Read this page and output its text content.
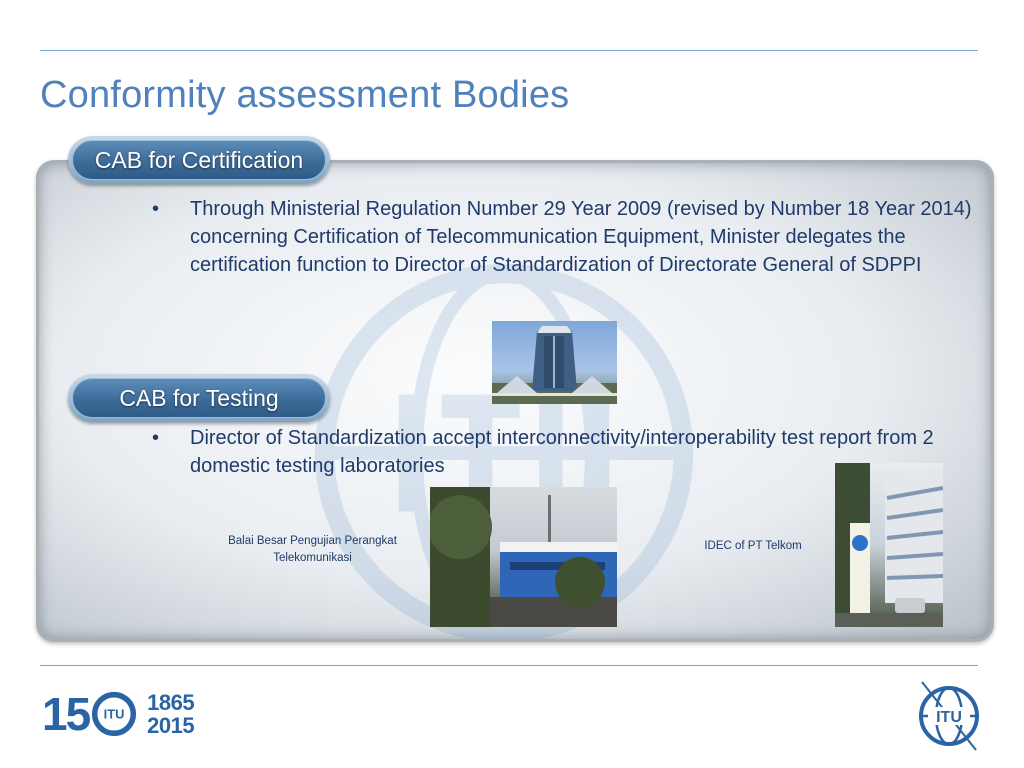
Conformity assessment Bodies
CAB for Certification
• Through Ministerial Regulation Number 29 Year 2009 (revised by Number 18 Year 2014) concerning Certification of Telecommunication Equipment, Minister delegates the certification function to Director of Standardization of Directorate General of SDPPI
CAB for Testing
• Director of Standardization accept interconnectivity/interoperability test report from 2 domestic testing laboratories
Balai Besar Pengujian Perangkat Telekomunikasi
IDEC of PT Telkom
15 ITU 1865
2015	ITU
